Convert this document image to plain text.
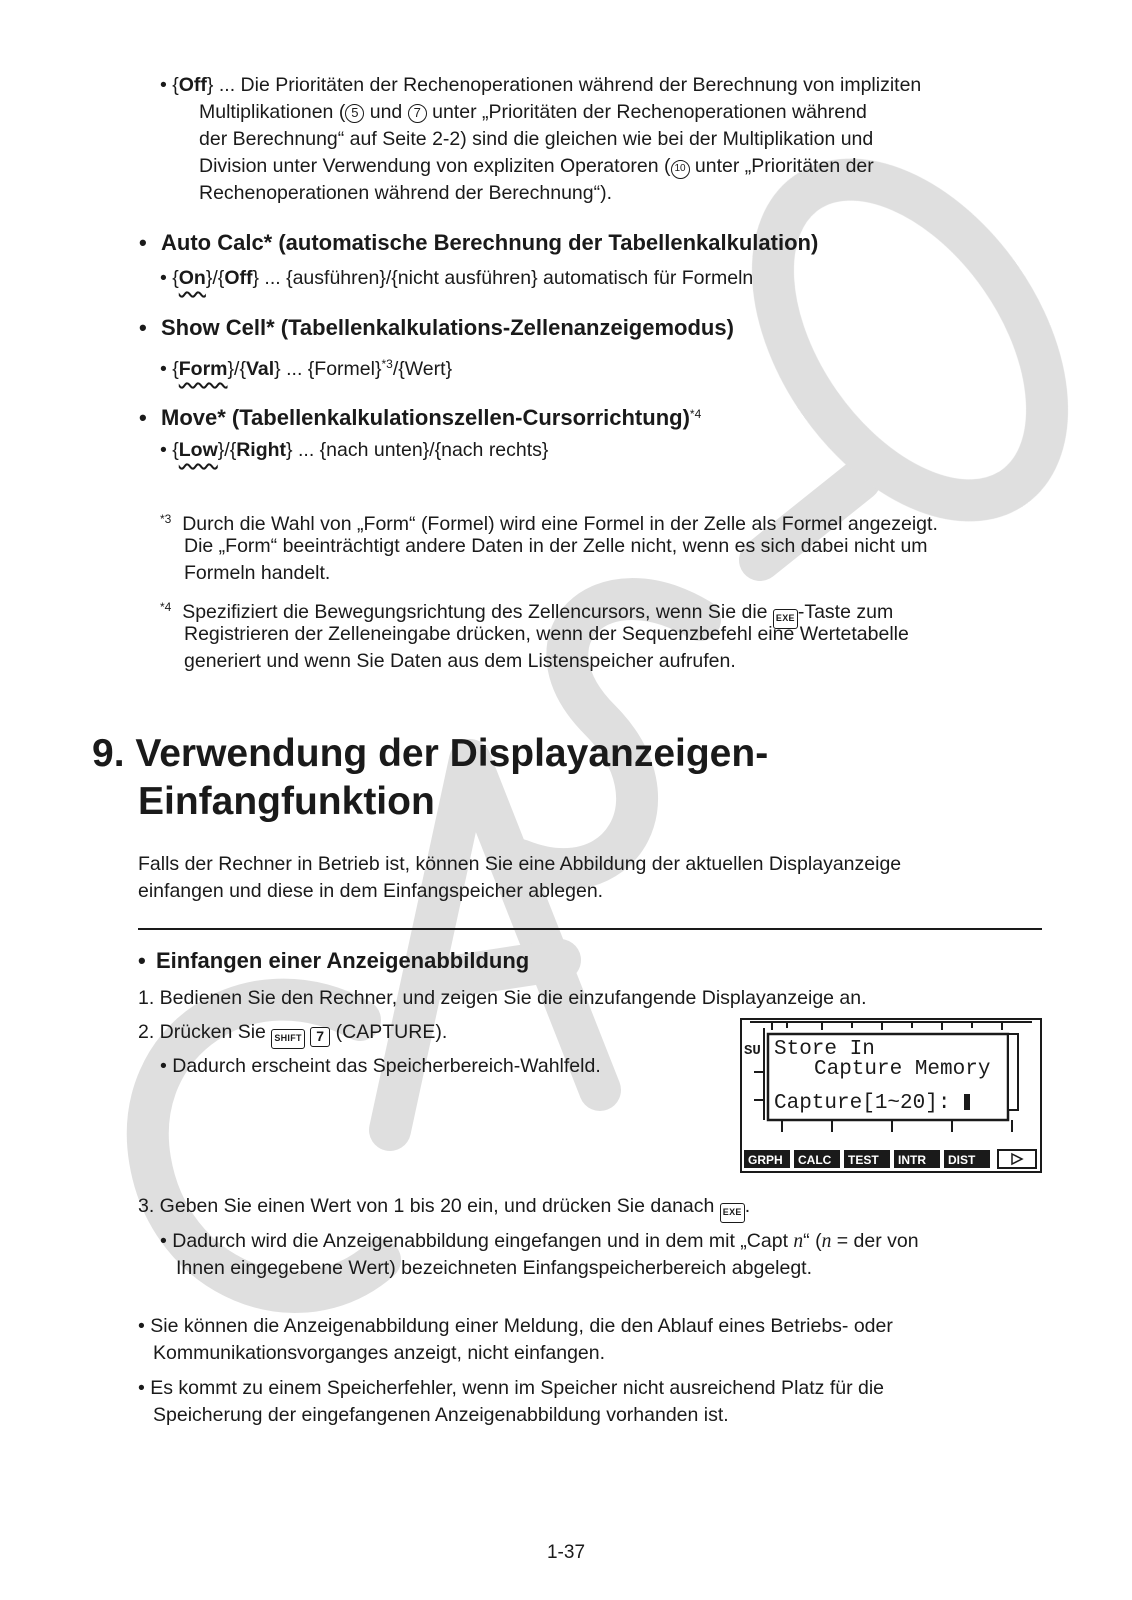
• {Off} ... Die Prioritäten der Rechenoperationen während der Berechnung von impliziten
Multiplikationen ( 5 und 7 unter „Prioritäten der Rechenoperationen während
der Berechnung“ auf Seite 2-2) sind die gleichen wie bei der Multiplikation und
Division unter Verwendung von expliziten Operatoren ( 10 unter „Prioritäten der
Rechenoperationen während der Berechnung“).
• Auto Calc* (automatische Berechnung der Tabellenkalkulation)
• {On}/{Off} ... {ausführen}/{nicht ausführen} automatisch für Formeln
• Show Cell* (Tabellenkalkulations-Zellenanzeigemodus)
• {Form}/{Val} ... {Formel}$^{*3}$/{Wert}
• Move* (Tabellenkalkulationszellen-Cursorrichtung)$^{*4}$
• {Low}/{Right} ... {nach unten}/{nach rechts}
$^{*3}$ Durch die Wahl von „Form“ (Formel) wird eine Formel in der Zelle als Formel angezeigt.
Die „Form“ beeinträchtigt andere Daten in der Zelle nicht, wenn es sich dabei nicht um
Formeln handelt.
$^{*4}$ Spezifiziert die Bewegungsrichtung des Zellencursors, wenn Sie die EXE -Taste zum
Registrieren der Zelleneingabe drücken, wenn der Sequenzbefehl eine Wertetabelle
generiert und wenn Sie Daten aus dem Listenspeicher aufrufen.
9. Verwendung der Displayanzeigen-
Einfangfunktion
Falls der Rechner in Betrieb ist, können Sie eine Abbildung der aktuellen Displayanzeige
einfangen und diese in dem Einfangspeicher ablegen.
• Einfangen einer Anzeigenabbildung
1. Bedienen Sie den Rechner, und zeigen Sie die einzufangende Displayanzeige an.
2. Drücken Sie SHIFT 7 (CAPTURE).
• Dadurch erscheint das Speicherbereich-Wahlfeld.
SU Store In
Capture Memory
Capture[1~20]:
GRPH CALC TEST INTR DIST
3. Geben Sie einen Wert von 1 bis 20 ein, und drücken Sie danach EXE .
• Dadurch wird die Anzeigenabbildung eingefangen und in dem mit „Capt n“ (n = der von
Ihnen eingegebene Wert) bezeichneten Einfangspeicherbereich abgelegt.
• Sie können die Anzeigenabbildung einer Meldung, die den Ablauf eines Betriebs- oder
Kommunikationsvorganges anzeigt, nicht einfangen.
• Es kommt zu einem Speicherfehler, wenn im Speicher nicht ausreichend Platz für die
Speicherung der eingefangenen Anzeigenabbildung vorhanden ist.
1-37
